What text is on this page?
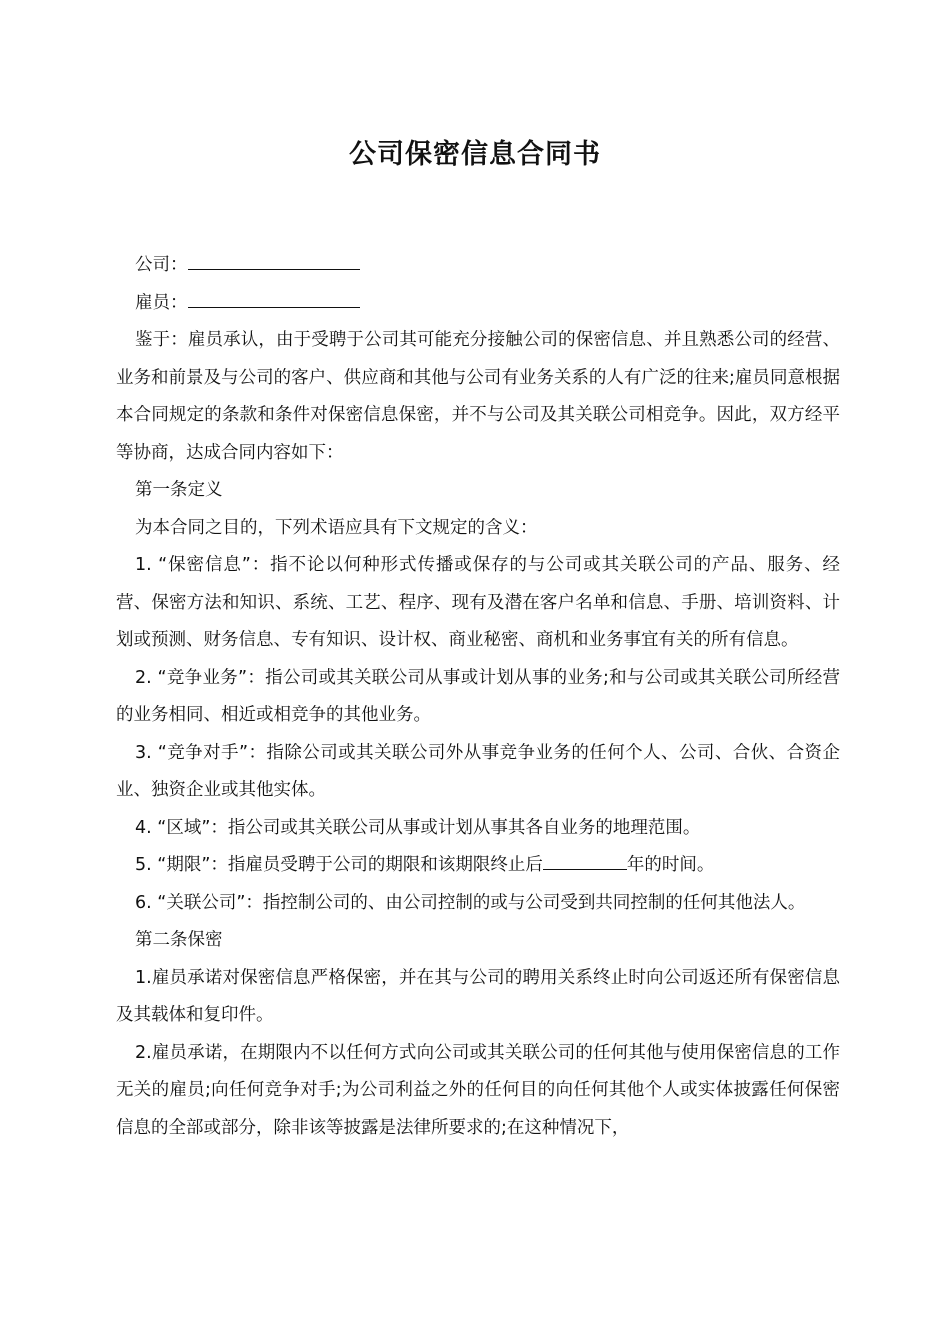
公司保密信息合同书

公司：

雇员：

鉴于：雇员承认，由于受聘于公司其可能充分接触公司的保密信息、并且熟悉公司的经营、业务和前景及与公司的客户、供应商和其他与公司有业务关系的人有广泛的往来;雇员同意根据本合同规定的条款和条件对保密信息保密，并不与公司及其关联公司相竞争。因此，双方经平等协商，达成合同内容如下：

第一条定义

为本合同之目的，下列术语应具有下文规定的含义：

1. “保密信息”：指不论以何种形式传播或保存的与公司或其关联公司的产品、服务、经营、保密方法和知识、系统、工艺、程序、现有及潜在客户名单和信息、手册、培训资料、计划或预测、财务信息、专有知识、设计权、商业秘密、商机和业务事宜有关的所有信息。

2. “竞争业务”：指公司或其关联公司从事或计划从事的业务;和与公司或其关联公司所经营的业务相同、相近或相竞争的其他业务。

3. “竞争对手”：指除公司或其关联公司外从事竞争业务的任何个人、公司、合伙、合资企业、独资企业或其他实体。

4. “区域”：指公司或其关联公司从事或计划从事其各自业务的地理范围。

5. “期限”：指雇员受聘于公司的期限和该期限终止后	年的时间。

6. “关联公司”：指控制公司的、由公司控制的或与公司受到共同控制的任何其他法人。

第二条保密

1.雇员承诺对保密信息严格保密，并在其与公司的聘用关系终止时向公司返还所有保密信息及其载体和复印件。

2.雇员承诺，在期限内不以任何方式向公司或其关联公司的任何其他与使用保密信息的工作无关的雇员;向任何竞争对手;为公司利益之外的任何目的向任何其他个人或实体披露任何保密信息的全部或部分，除非该等披露是法律所要求的;在这种情况下，
